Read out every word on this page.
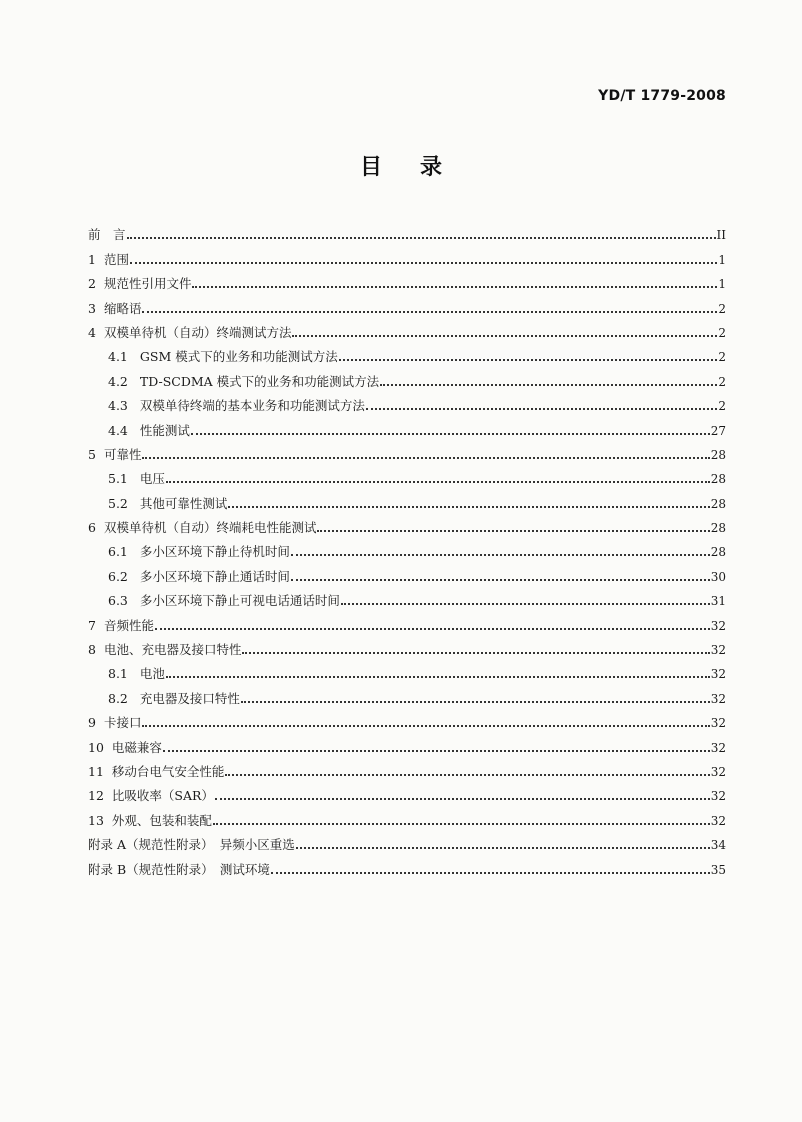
YD/T 1779-2008
目录
前　言	II
1 范围	1
2 规范性引用文件	1
3 缩略语	2
4 双模单待机（自动）终端测试方法	2
4.1 GSM 模式下的业务和功能测试方法	2
4.2 TD-SCDMA 模式下的业务和功能测试方法	2
4.3 双模单待终端的基本业务和功能测试方法	2
4.4 性能测试	27
5 可靠性	28
5.1 电压	28
5.2 其他可靠性测试	28
6 双模单待机（自动）终端耗电性能测试	28
6.1 多小区环境下静止待机时间	28
6.2 多小区环境下静止通话时间	30
6.3 多小区环境下静止可视电话通话时间	31
7 音频性能	32
8 电池、充电器及接口特性	32
8.1 电池	32
8.2 充电器及接口特性	32
9 卡接口	32
10 电磁兼容	32
11 移动台电气安全性能	32
12 比吸收率（SAR）	32
13 外观、包装和装配	32
附录 A（规范性附录）　异频小区重选	34
附录 B（规范性附录）　测试环境	35
